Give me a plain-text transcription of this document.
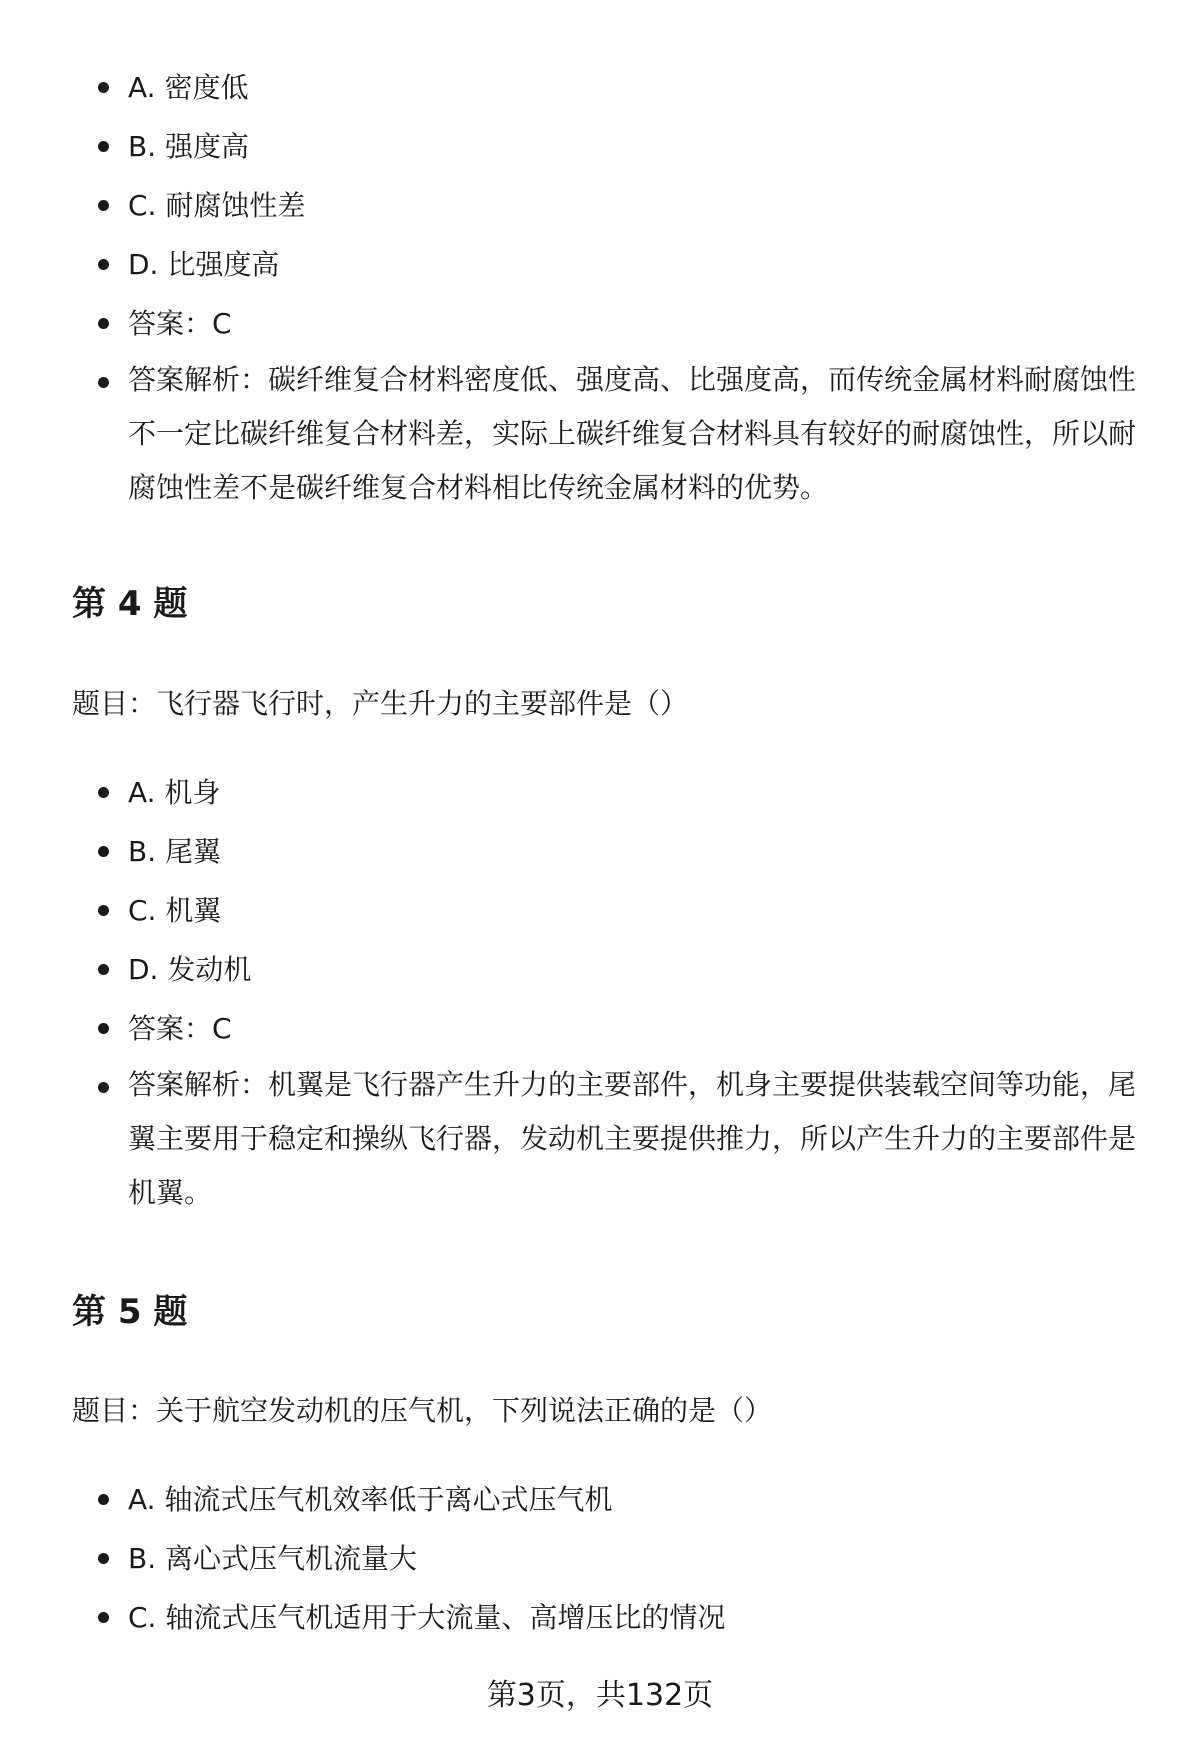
A. 密度低
B. 强度高
C. 耐腐蚀性差
D. 比强度高
答案：C
答案解析：碳纤维复合材料密度低、强度高、比强度高，而传统金属材料耐腐蚀性不一定比碳纤维复合材料差，实际上碳纤维复合材料具有较好的耐腐蚀性，所以耐腐蚀性差不是碳纤维复合材料相比传统金属材料的优势。
第 4 题
题目：飞行器飞行时，产生升力的主要部件是（）
A. 机身
B. 尾翼
C. 机翼
D. 发动机
答案：C
答案解析：机翼是飞行器产生升力的主要部件，机身主要提供装载空间等功能，尾翼主要用于稳定和操纵飞行器，发动机主要提供推力，所以产生升力的主要部件是机翼。
第 5 题
题目：关于航空发动机的压气机，下列说法正确的是（）
A. 轴流式压气机效率低于离心式压气机
B. 离心式压气机流量大
C. 轴流式压气机适用于大流量、高增压比的情况
第3页，共132页
